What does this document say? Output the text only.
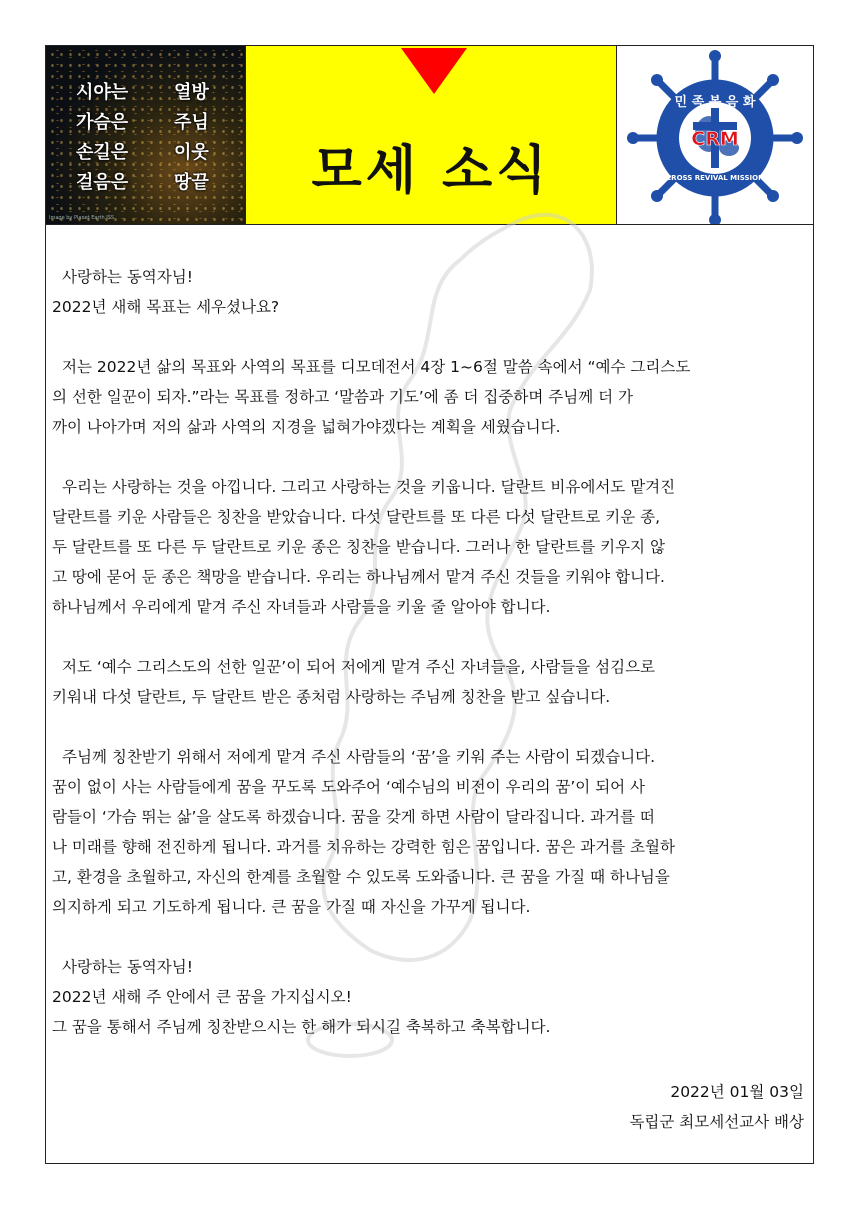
시야는	열방
가슴은	주님
손길은	이웃
걸음은	땅끝
Image by Planet Earth ISS
모세 소식
민 족 복 음 화
CRM
CROSS REVIVAL MISSION

사랑하는 동역자님!

2022년 새해 목표는 세우셨나요?

저는 2022년 삶의 목표와 사역의 목표를 디모데전서 4장 1~6절 말씀 속에서 “예수 그리스도

의 선한 일꾼이 되자.”라는 목표를 정하고 ‘말씀과 기도’에 좀 더 집중하며 주님께 더 가

까이 나아가며 저의 삶과 사역의 지경을 넓혀가야겠다는 계획을 세웠습니다.

우리는 사랑하는 것을 아낍니다. 그리고 사랑하는 것을 키웁니다. 달란트 비유에서도 맡겨진

달란트를 키운 사람들은 칭찬을 받았습니다. 다섯 달란트를 또 다른 다섯 달란트로 키운 종,

두 달란트를 또 다른 두 달란트로 키운 종은 칭찬을 받습니다. 그러나 한 달란트를 키우지 않

고 땅에 묻어 둔 종은 책망을 받습니다. 우리는 하나님께서 맡겨 주신 것들을 키워야 합니다.

하나님께서 우리에게 맡겨 주신 자녀들과 사람들을 키울 줄 알아야 합니다.

저도 ‘예수 그리스도의 선한 일꾼’이 되어 저에게 맡겨 주신 자녀들을, 사람들을 섬김으로

키워내 다섯 달란트, 두 달란트 받은 종처럼 사랑하는 주님께 칭찬을 받고 싶습니다.

주님께 칭찬받기 위해서 저에게 맡겨 주신 사람들의 ‘꿈’을 키워 주는 사람이 되겠습니다.

꿈이 없이 사는 사람들에게 꿈을 꾸도록 도와주어 ‘예수님의 비전이 우리의 꿈’이 되어 사

람들이 ‘가슴 뛰는 삶’을 살도록 하겠습니다. 꿈을 갖게 하면 사람이 달라집니다. 과거를 떠

나 미래를 향해 전진하게 됩니다. 과거를 치유하는 강력한 힘은 꿈입니다. 꿈은 과거를 초월하

고, 환경을 초월하고, 자신의 한계를 초월할 수 있도록 도와줍니다. 큰 꿈을 가질 때 하나님을

의지하게 되고 기도하게 됩니다. 큰 꿈을 가질 때 자신을 가꾸게 됩니다.

사랑하는 동역자님!

2022년 새해 주 안에서 큰 꿈을 가지십시오!

그 꿈을 통해서 주님께 칭찬받으시는 한 해가 되시길 축복하고 축복합니다.

2022년 01월 03일
독립군 최모세선교사 배상
